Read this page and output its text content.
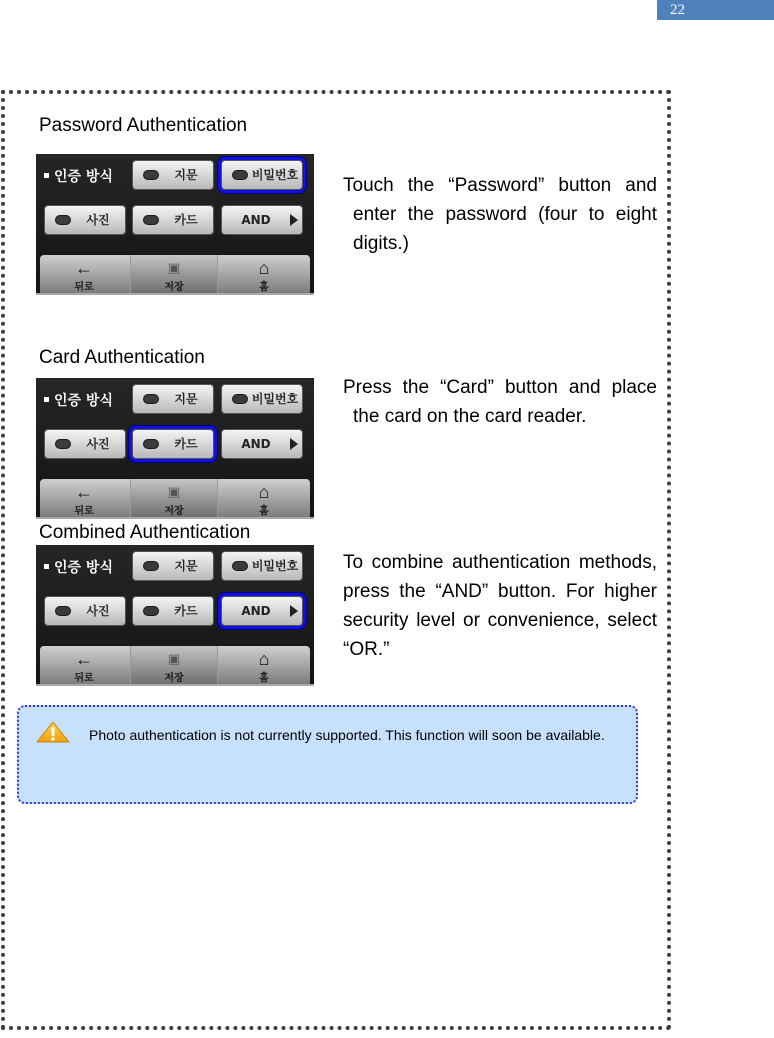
22
Password Authentication
인증 방식	지문	비밀번호
사진	카드	AND
←
뒤로
▣
저장
⌂
홈
Touch the “Password” button and enter the password (four to eight digits.)
Card Authentication
인증 방식	지문	비밀번호
사진	카드	AND
←
뒤로
▣
저장
⌂
홈
Press the “Card” button and place the card on the card reader.
Combined Authentication
인증 방식	지문	비밀번호
사진	카드	AND
←
뒤로
▣
저장
⌂
홈
To combine authentication methods, press the “AND” button. For higher security level or convenience, select “OR.”
Photo authentication is not currently supported. This function will soon be available.
